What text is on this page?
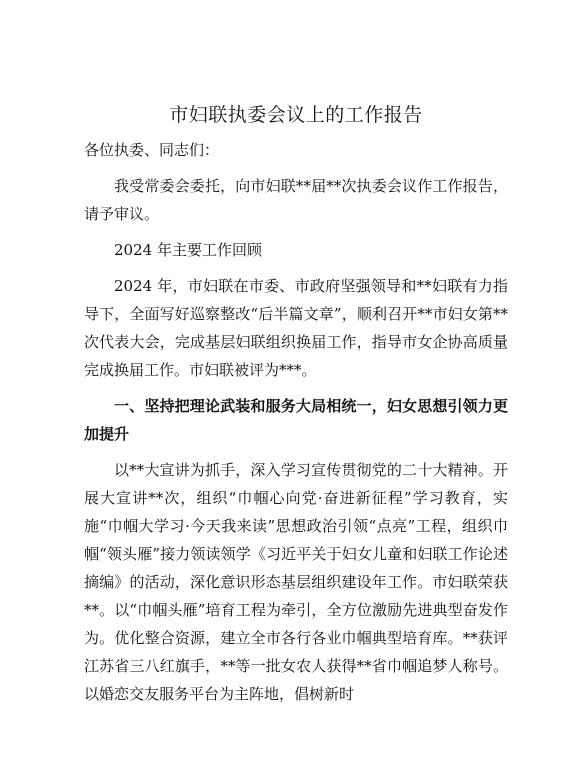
市妇联执委会议上的工作报告

各位执委、同志们：

我受常委会委托，向市妇联**届**次执委会议作工作报告，请予审议。

2024 年主要工作回顾

2024 年，市妇联在市委、市政府坚强领导和**妇联有力指导下，全面写好巡察整改“后半篇文章”，顺利召开**市妇女第**次代表大会，完成基层妇联组织换届工作，指导市女企协高质量完成换届工作。市妇联被评为***。

一、坚持把理论武装和服务大局相统一，妇女思想引领力更加提升

以**大宣讲为抓手，深入学习宣传贯彻党的二十大精神。开展大宣讲**次，组织“巾帼心向党·奋进新征程”学习教育，实施“巾帼大学习·今天我来读”思想政治引领“点亮”工程，组织巾帼“领头雁”接力领读领学《习近平关于妇女儿童和妇联工作论述摘编》的活动，深化意识形态基层组织建设年工作。市妇联荣获**。以“巾帼头雁”培育工程为牵引，全方位激励先进典型奋发作为。优化整合资源，建立全市各行各业巾帼典型培育库。**获评江苏省三八红旗手，**等一批女农人获得**省巾帼追梦人称号。以婚恋交友服务平台为主阵地，倡树新时
